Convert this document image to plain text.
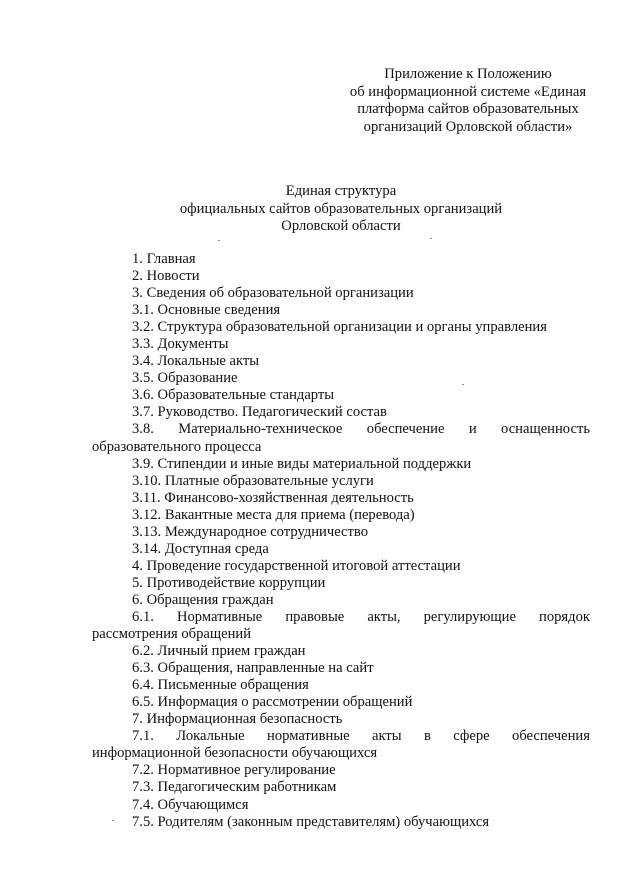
Приложение к Положению
об информационной системе «Единая
платформа сайтов образовательных
организаций Орловской области»
Единая структура
официальных сайтов образовательных организаций
Орловской области
1. Главная
2. Новости
3. Сведения об образовательной организации
3.1. Основные сведения
3.2. Структура образовательной организации и органы управления
3.3. Документы
3.4. Локальные акты
3.5. Образование
3.6. Образовательные стандарты
3.7. Руководство. Педагогический состав
3.8. Материально-техническое обеспечение и оснащенность
образовательного процесса
3.9. Стипендии и иные виды материальной поддержки
3.10. Платные образовательные услуги
3.11. Финансово-хозяйственная деятельность
3.12. Вакантные места для приема (перевода)
3.13. Международное сотрудничество
3.14. Доступная среда
4. Проведение государственной итоговой аттестации
5. Противодействие коррупции
6. Обращения граждан
6.1. Нормативные правовые акты, регулирующие порядок
рассмотрения обращений
6.2. Личный прием граждан
6.3. Обращения, направленные на сайт
6.4. Письменные обращения
6.5. Информация о рассмотрении обращений
7. Информационная безопасность
7.1. Локальные нормативные акты в сфере обеспечения
информационной безопасности обучающихся
7.2. Нормативное регулирование
7.3. Педагогическим работникам
7.4. Обучающимся
7.5. Родителям (законным представителям) обучающихся
